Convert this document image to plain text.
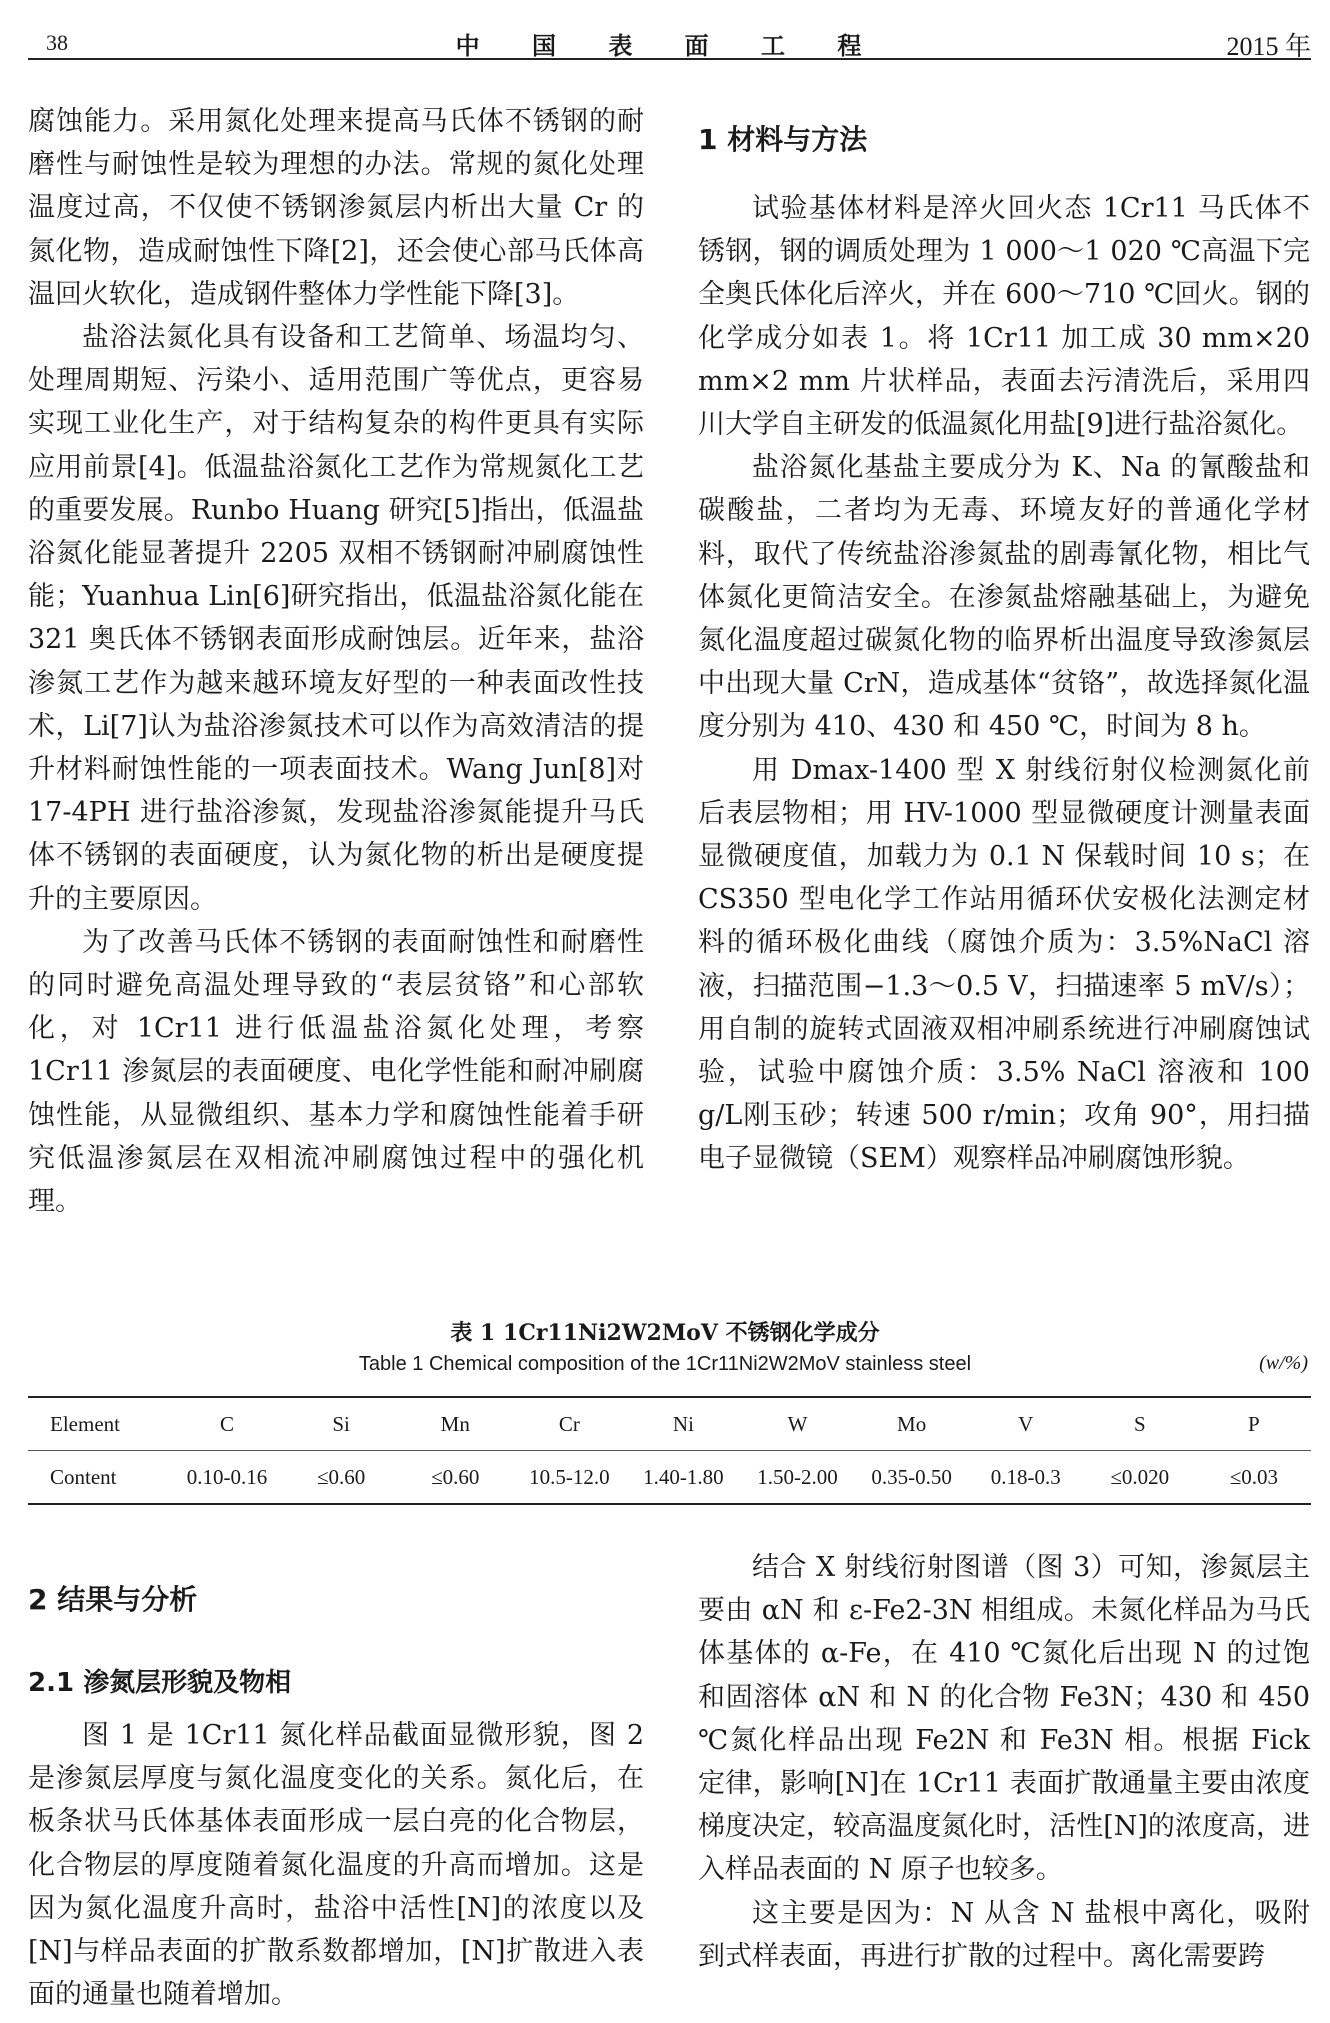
38	中 国 表 面 工 程	2015 年

腐蚀能力。采用氮化处理来提高马氏体不锈钢的耐磨性与耐蚀性是较为理想的办法。常规的氮化处理温度过高，不仅使不锈钢渗氮层内析出大量 Cr 的氮化物，造成耐蚀性下降[2]，还会使心部马氏体高温回火软化，造成钢件整体力学性能下降[3]。

盐浴法氮化具有设备和工艺简单、场温均匀、处理周期短、污染小、适用范围广等优点，更容易实现工业化生产，对于结构复杂的构件更具有实际应用前景[4]。低温盐浴氮化工艺作为常规氮化工艺的重要发展。Runbo Huang 研究[5]指出，低温盐浴氮化能显著提升 2205 双相不锈钢耐冲刷腐蚀性能；Yuanhua Lin[6]研究指出，低温盐浴氮化能在 321 奥氏体不锈钢表面形成耐蚀层。近年来，盐浴渗氮工艺作为越来越环境友好型的一种表面改性技术，Li[7]认为盐浴渗氮技术可以作为高效清洁的提升材料耐蚀性能的一项表面技术。Wang Jun[8]对 17-4PH 进行盐浴渗氮，发现盐浴渗氮能提升马氏体不锈钢的表面硬度，认为氮化物的析出是硬度提升的主要原因。

为了改善马氏体不锈钢的表面耐蚀性和耐磨性的同时避免高温处理导致的“表层贫铬”和心部软化，对 1Cr11 进行低温盐浴氮化处理，考察 1Cr11 渗氮层的表面硬度、电化学性能和耐冲刷腐蚀性能，从显微组织、基本力学和腐蚀性能着手研究低温渗氮层在双相流冲刷腐蚀过程中的强化机理。

1 材料与方法

试验基体材料是淬火回火态 1Cr11 马氏体不锈钢，钢的调质处理为 1 000～1 020 ℃高温下完全奥氏体化后淬火，并在 600～710 ℃回火。钢的化学成分如表 1。将 1Cr11 加工成 30 mm×20 mm×2 mm 片状样品，表面去污清洗后，采用四川大学自主研发的低温氮化用盐[9]进行盐浴氮化。

盐浴氮化基盐主要成分为 K、Na 的氰酸盐和碳酸盐，二者均为无毒、环境友好的普通化学材料，取代了传统盐浴渗氮盐的剧毒氰化物，相比气体氮化更简洁安全。在渗氮盐熔融基础上，为避免氮化温度超过碳氮化物的临界析出温度导致渗氮层中出现大量 CrN，造成基体“贫铬”，故选择氮化温度分别为 410、430 和 450 ℃，时间为 8 h。

用 Dmax-1400 型 X 射线衍射仪检测氮化前后表层物相；用 HV-1000 型显微硬度计测量表面显微硬度值，加载力为 0.1 N 保载时间 10 s；在 CS350 型电化学工作站用循环伏安极化法测定材料的循环极化曲线（腐蚀介质为：3.5%NaCl 溶液，扫描范围−1.3～0.5 V，扫描速率 5 mV/s）；用自制的旋转式固液双相冲刷系统进行冲刷腐蚀试验，试验中腐蚀介质：3.5% NaCl 溶液和 100 g/L刚玉砂；转速 500 r/min；攻角 90°，用扫描电子显微镜（SEM）观察样品冲刷腐蚀形貌。

表 1 1Cr11Ni2W2MoV 不锈钢化学成分
Table 1 Chemical composition of the 1Cr11Ni2W2MoV stainless steel	(w/%)
Element	C	Si	Mn	Cr	Ni	W	Mo	V	S	P
Content	0.10-0.16	≤0.60	≤0.60	10.5-12.0	1.40-1.80	1.50-2.00	0.35-0.50	0.18-0.3	≤0.020	≤0.03
2 结果与分析
2.1 渗氮层形貌及物相

图 1 是 1Cr11 氮化样品截面显微形貌，图 2 是渗氮层厚度与氮化温度变化的关系。氮化后，在板条状马氏体基体表面形成一层白亮的化合物层，化合物层的厚度随着氮化温度的升高而增加。这是因为氮化温度升高时，盐浴中活性[N]的浓度以及[N]与样品表面的扩散系数都增加，[N]扩散进入表面的通量也随着增加。

结合 X 射线衍射图谱（图 3）可知，渗氮层主要由 αN 和 ε-Fe2-3N 相组成。未氮化样品为马氏体基体的 α-Fe，在 410 ℃氮化后出现 N 的过饱和固溶体 αN 和 N 的化合物 Fe3N；430 和 450 ℃氮化样品出现 Fe2N 和 Fe3N 相。根据 Fick 定律，影响[N]在 1Cr11 表面扩散通量主要由浓度梯度决定，较高温度氮化时，活性[N]的浓度高，进入样品表面的 N 原子也较多。

这主要是因为：N 从含 N 盐根中离化，吸附到式样表面，再进行扩散的过程中。离化需要跨
